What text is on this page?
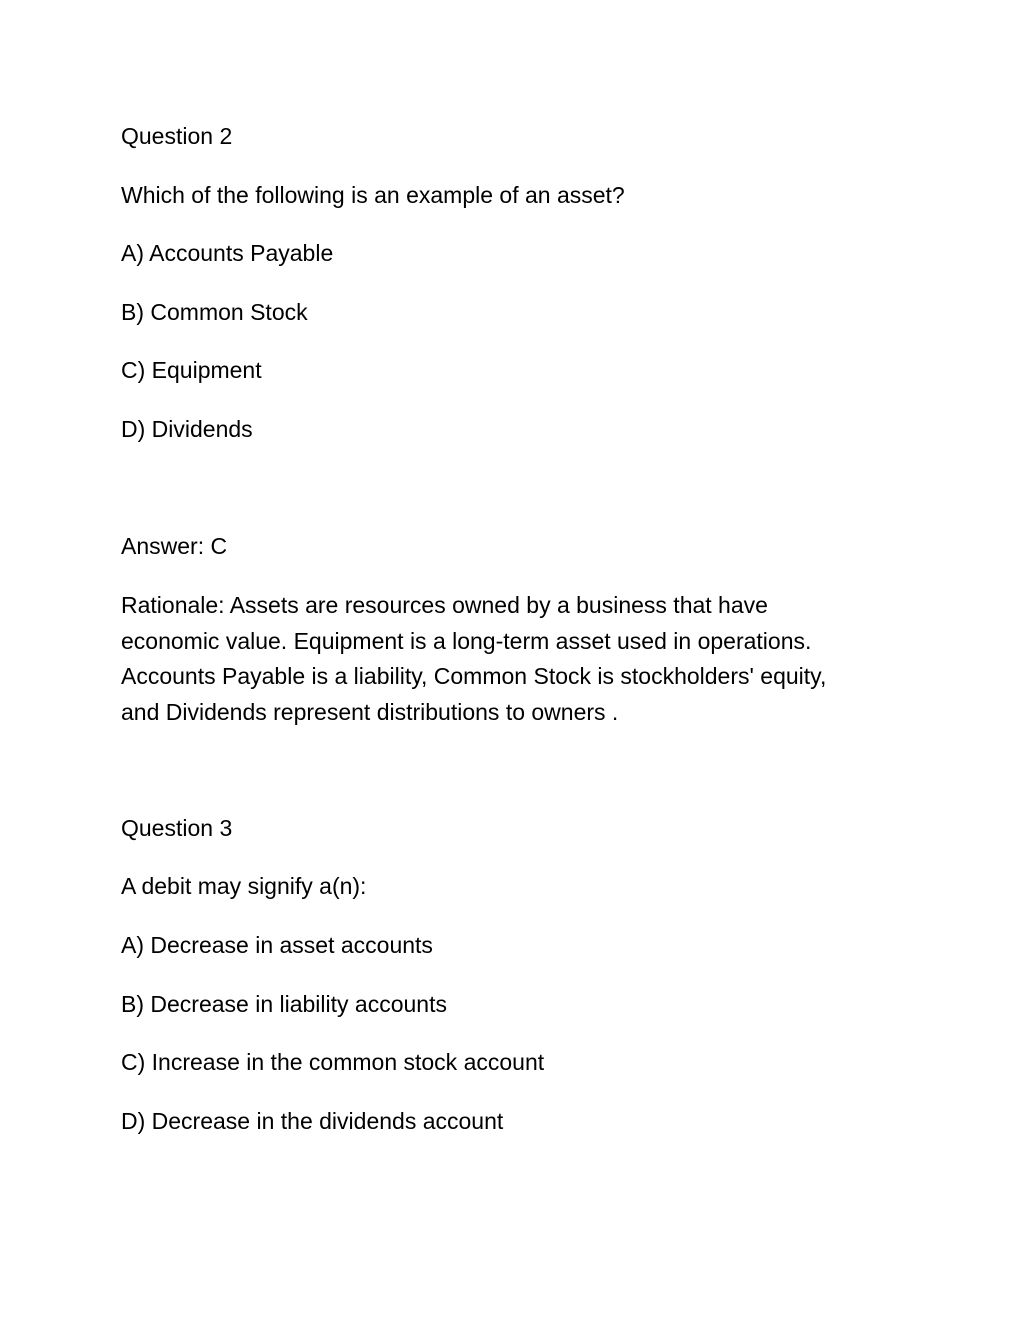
Question 2
Which of the following is an example of an asset?
A) Accounts Payable
B) Common Stock
C) Equipment
D) Dividends
Answer: C
Rationale: Assets are resources owned by a business that have
economic value. Equipment is a long-term asset used in operations.
Accounts Payable is a liability, Common Stock is stockholders' equity,
and Dividends represent distributions to owners .
Question 3
A debit may signify a(n):
A) Decrease in asset accounts
B) Decrease in liability accounts
C) Increase in the common stock account
D) Decrease in the dividends account
